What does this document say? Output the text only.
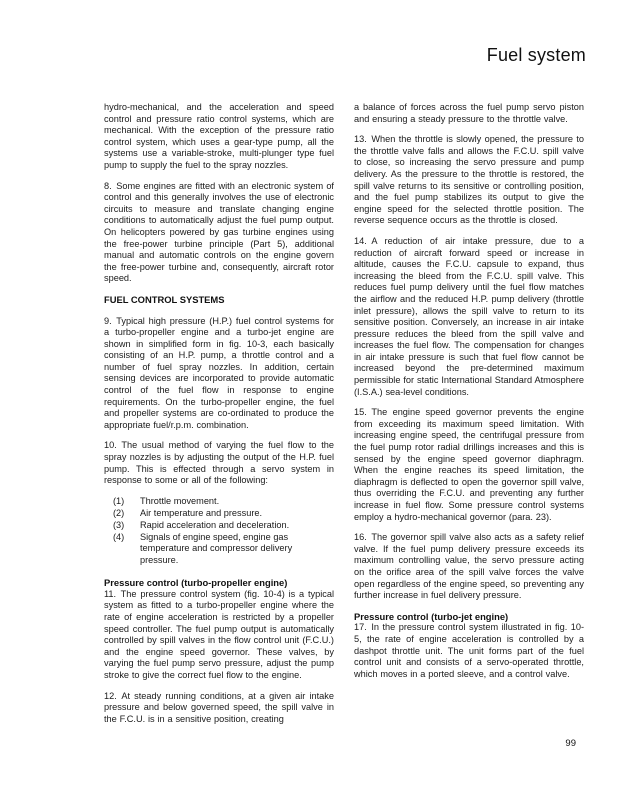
Fuel system

hydro-mechanical, and the acceleration and speed control and pressure ratio control systems, which are mechanical. With the exception of the pressure ratio control system, which uses a gear-type pump, all the systems use a variable-stroke, multi-plunger type fuel pump to supply the fuel to the spray nozzles.

8. Some engines are fitted with an electronic system of control and this generally involves the use of electronic circuits to measure and translate changing engine conditions to automatically adjust the fuel pump output. On helicopters powered by gas turbine engines using the free-power turbine principle (Part 5), additional manual and automatic controls on the engine govern the free-power turbine and, consequently, aircraft rotor speed.

FUEL CONTROL SYSTEMS

9. Typical high pressure (H.P.) fuel control systems for a turbo-propeller engine and a turbo-jet engine are shown in simplified form in fig. 10-3, each basically consisting of an H.P. pump, a throttle control and a number of fuel spray nozzles. In addition, certain sensing devices are incorporated to provide automatic control of the fuel flow in response to engine requirements. On the turbo-propeller engine, the fuel and propeller systems are co-ordinated to produce the appropriate fuel/r.p.m. combination.

10. The usual method of varying the fuel flow to the spray nozzles is by adjusting the output of the H.P. fuel pump. This is effected through a servo system in response to some or all of the following:

(1)	Throttle movement.
(2)	Air temperature and pressure.
(3)	Rapid acceleration and deceleration.
(4)	Signals of engine speed, engine gas temperature and compressor delivery pressure.
Pressure control (turbo-propeller engine)

11. The pressure control system (fig. 10-4) is a typical system as fitted to a turbo-propeller engine where the rate of engine acceleration is restricted by a propeller speed controller. The fuel pump output is automatically controlled by spill valves in the flow control unit (F.C.U.) and the engine speed governor. These valves, by varying the fuel pump servo pressure, adjust the pump stroke to give the correct fuel flow to the engine.

12. At steady running conditions, at a given air intake pressure and below governed speed, the spill valve in the F.C.U. is in a sensitive position, creating

a balance of forces across the fuel pump servo piston and ensuring a steady pressure to the throttle valve.

13. When the throttle is slowly opened, the pressure to the throttle valve falls and allows the F.C.U. spill valve to close, so increasing the servo pressure and pump delivery. As the pressure to the throttle is restored, the spill valve returns to its sensitive or controlling position, and the fuel pump stabilizes its output to give the engine speed for the selected throttle position. The reverse sequence occurs as the throttle is closed.

14. A reduction of air intake pressure, due to a reduction of aircraft forward speed or increase in altitude, causes the F.C.U. capsule to expand, thus increasing the bleed from the F.C.U. spill valve. This reduces fuel pump delivery until the fuel flow matches the airflow and the reduced H.P. pump delivery (throttle inlet pressure), allows the spill valve to return to its sensitive position. Conversely, an increase in air intake pressure reduces the bleed from the spill valve and increases the fuel flow. The compensation for changes in air intake pressure is such that fuel flow cannot be increased beyond the pre-determined maximum permissible for static International Standard Atmosphere (I.S.A.) sea-level conditions.

15. The engine speed governor prevents the engine from exceeding its maximum speed limitation. With increasing engine speed, the centrifugal pressure from the fuel pump rotor radial drillings increases and this is sensed by the engine speed governor diaphragm. When the engine reaches its speed limitation, the diaphragm is deflected to open the governor spill valve, thus overriding the F.C.U. and preventing any further increase in fuel flow. Some pressure control systems employ a hydro-mechanical governor (para. 23).

16. The governor spill valve also acts as a safety relief valve. If the fuel pump delivery pressure exceeds its maximum controlling value, the servo pressure acting on the orifice area of the spill valve forces the valve open regardless of the engine speed, so preventing any further increase in fuel delivery pressure.

Pressure control (turbo-jet engine)

17. In the pressure control system illustrated in fig. 10-5, the rate of engine acceleration is controlled by a dashpot throttle unit. The unit forms part of the fuel control unit and consists of a servo-operated throttle, which moves in a ported sleeve, and a control valve.

99
